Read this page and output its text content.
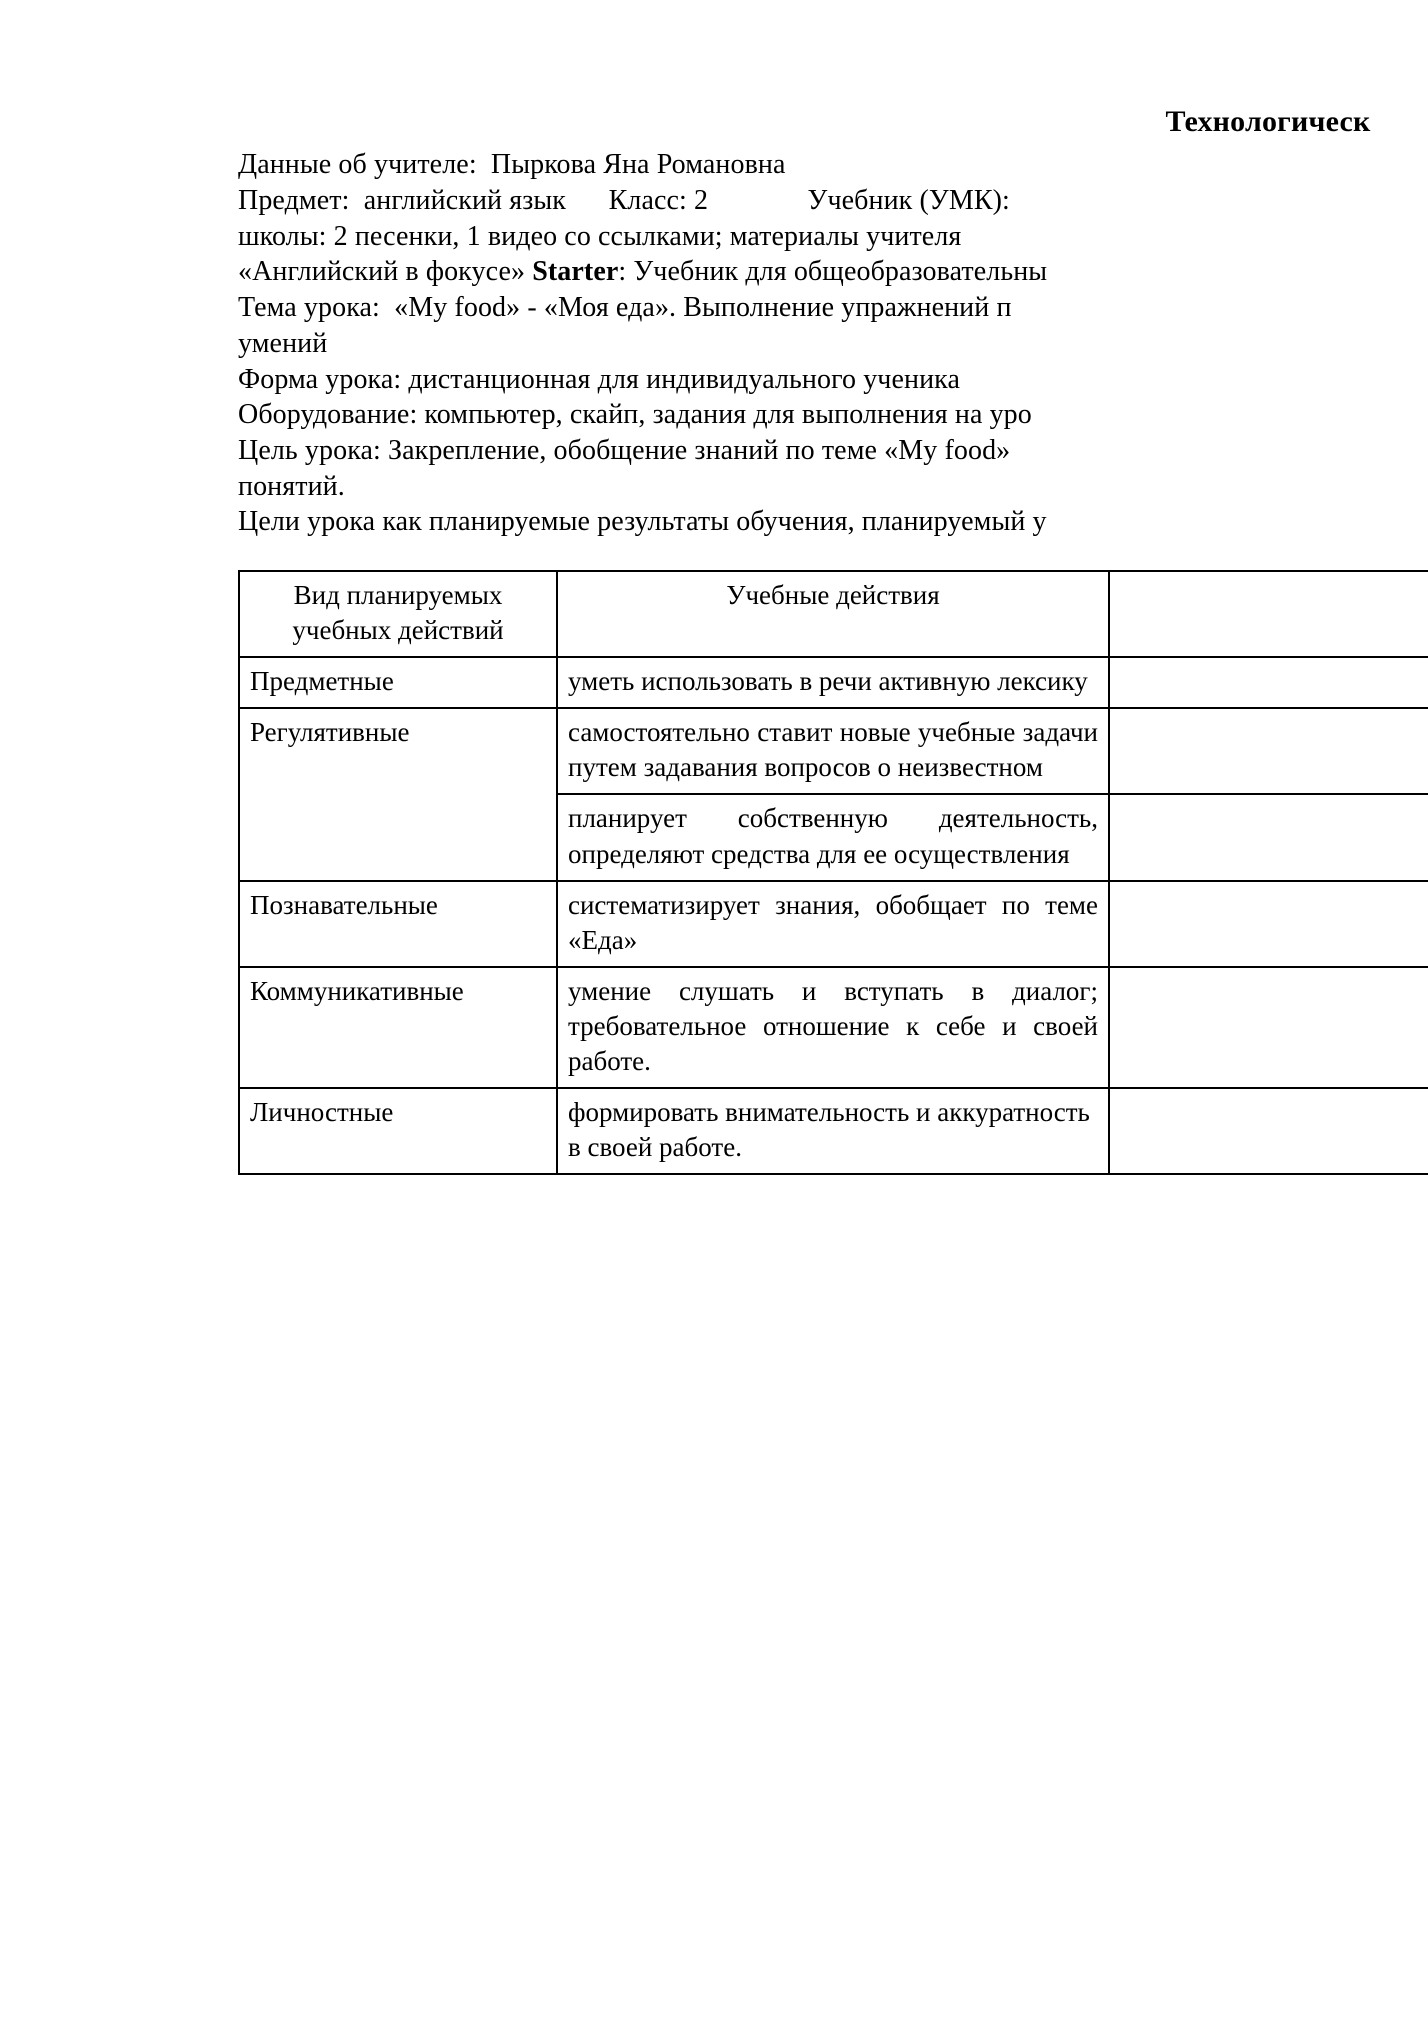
Технологическ

Данные об учителе: Пыркова Яна Романовна

Предмет: английский язык Класс: 2	Учебник (УМК):

школы: 2 песенки, 1 видео со ссылками; материалы учителя

«Английский в фокусе» Starter: Учебник для общеобразовательны

Тема урока: «My food» - «Моя еда». Выполнение упражнений п

умений

Форма урока: дистанционная для индивидуального ученика

Оборудование: компьютер, скайп, задания для выполнения на уро

Цель урока: Закрепление, обобщение знаний по теме «My food»

понятий.

Цели урока как планируемые результаты обучения, планируемый у

Вид планируемых
учебных действий	Учебные действия	
Предметные	уметь использовать в речи активную лексику	
Регулятивные	самостоятельно ставит новые учебные задачи путем задавания вопросов о неизвестном	
	планирует собственную деятельность, определяют средства для ее осуществления	
Познавательные	систематизирует знания, обобщает по теме «Еда»	
Коммуникативные	умение слушать и вступать в диалог; требовательное отношение к себе и своей работе.	
Личностные	формировать внимательность и аккуратность в своей работе.	
